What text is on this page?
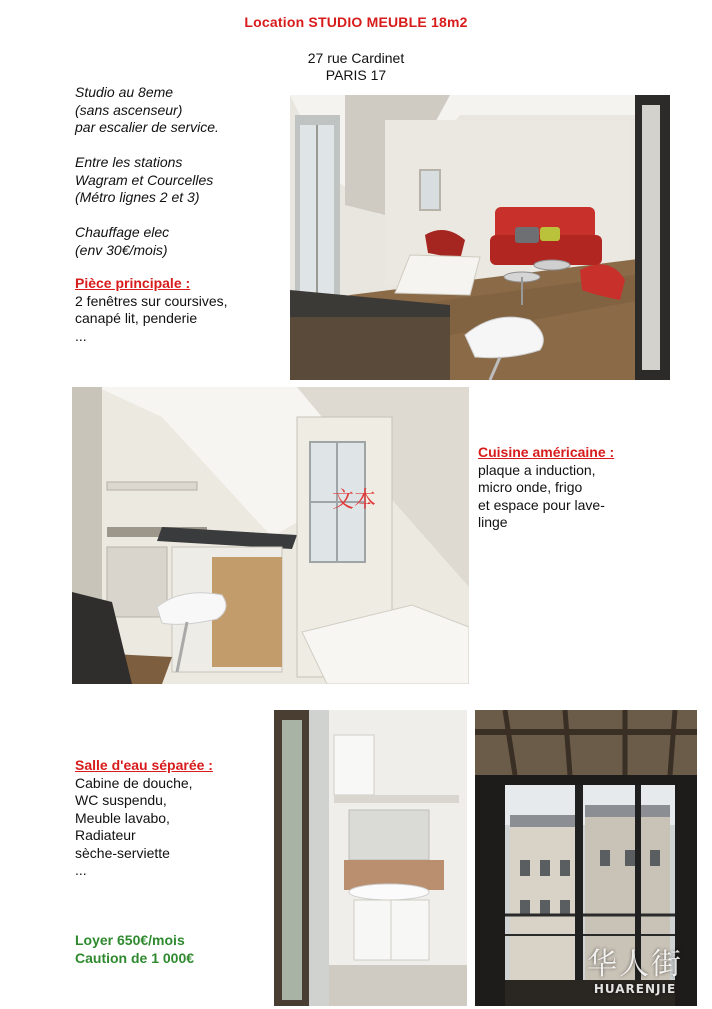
Location STUDIO MEUBLE 18m2
27 rue Cardinet
PARIS 17
Studio au 8eme
(sans ascenseur)
par escalier de service.
Entre les stations
Wagram et Courcelles
(Métro lignes 2 et 3)
Chauffage elec
(env 30€/mois)
Pièce principale :
2 fenêtres sur coursives,
canapé lit, penderie
...
文本
Cuisine américaine :
plaque a induction,
micro onde, frigo
et espace pour lave-
linge
Salle d'eau séparée :
Cabine de douche,
WC suspendu,
Meuble lavabo,
Radiateur
sèche-serviette
...
Loyer 650€/mois
Caution de 1 000€	华人街
HUARENJIE
